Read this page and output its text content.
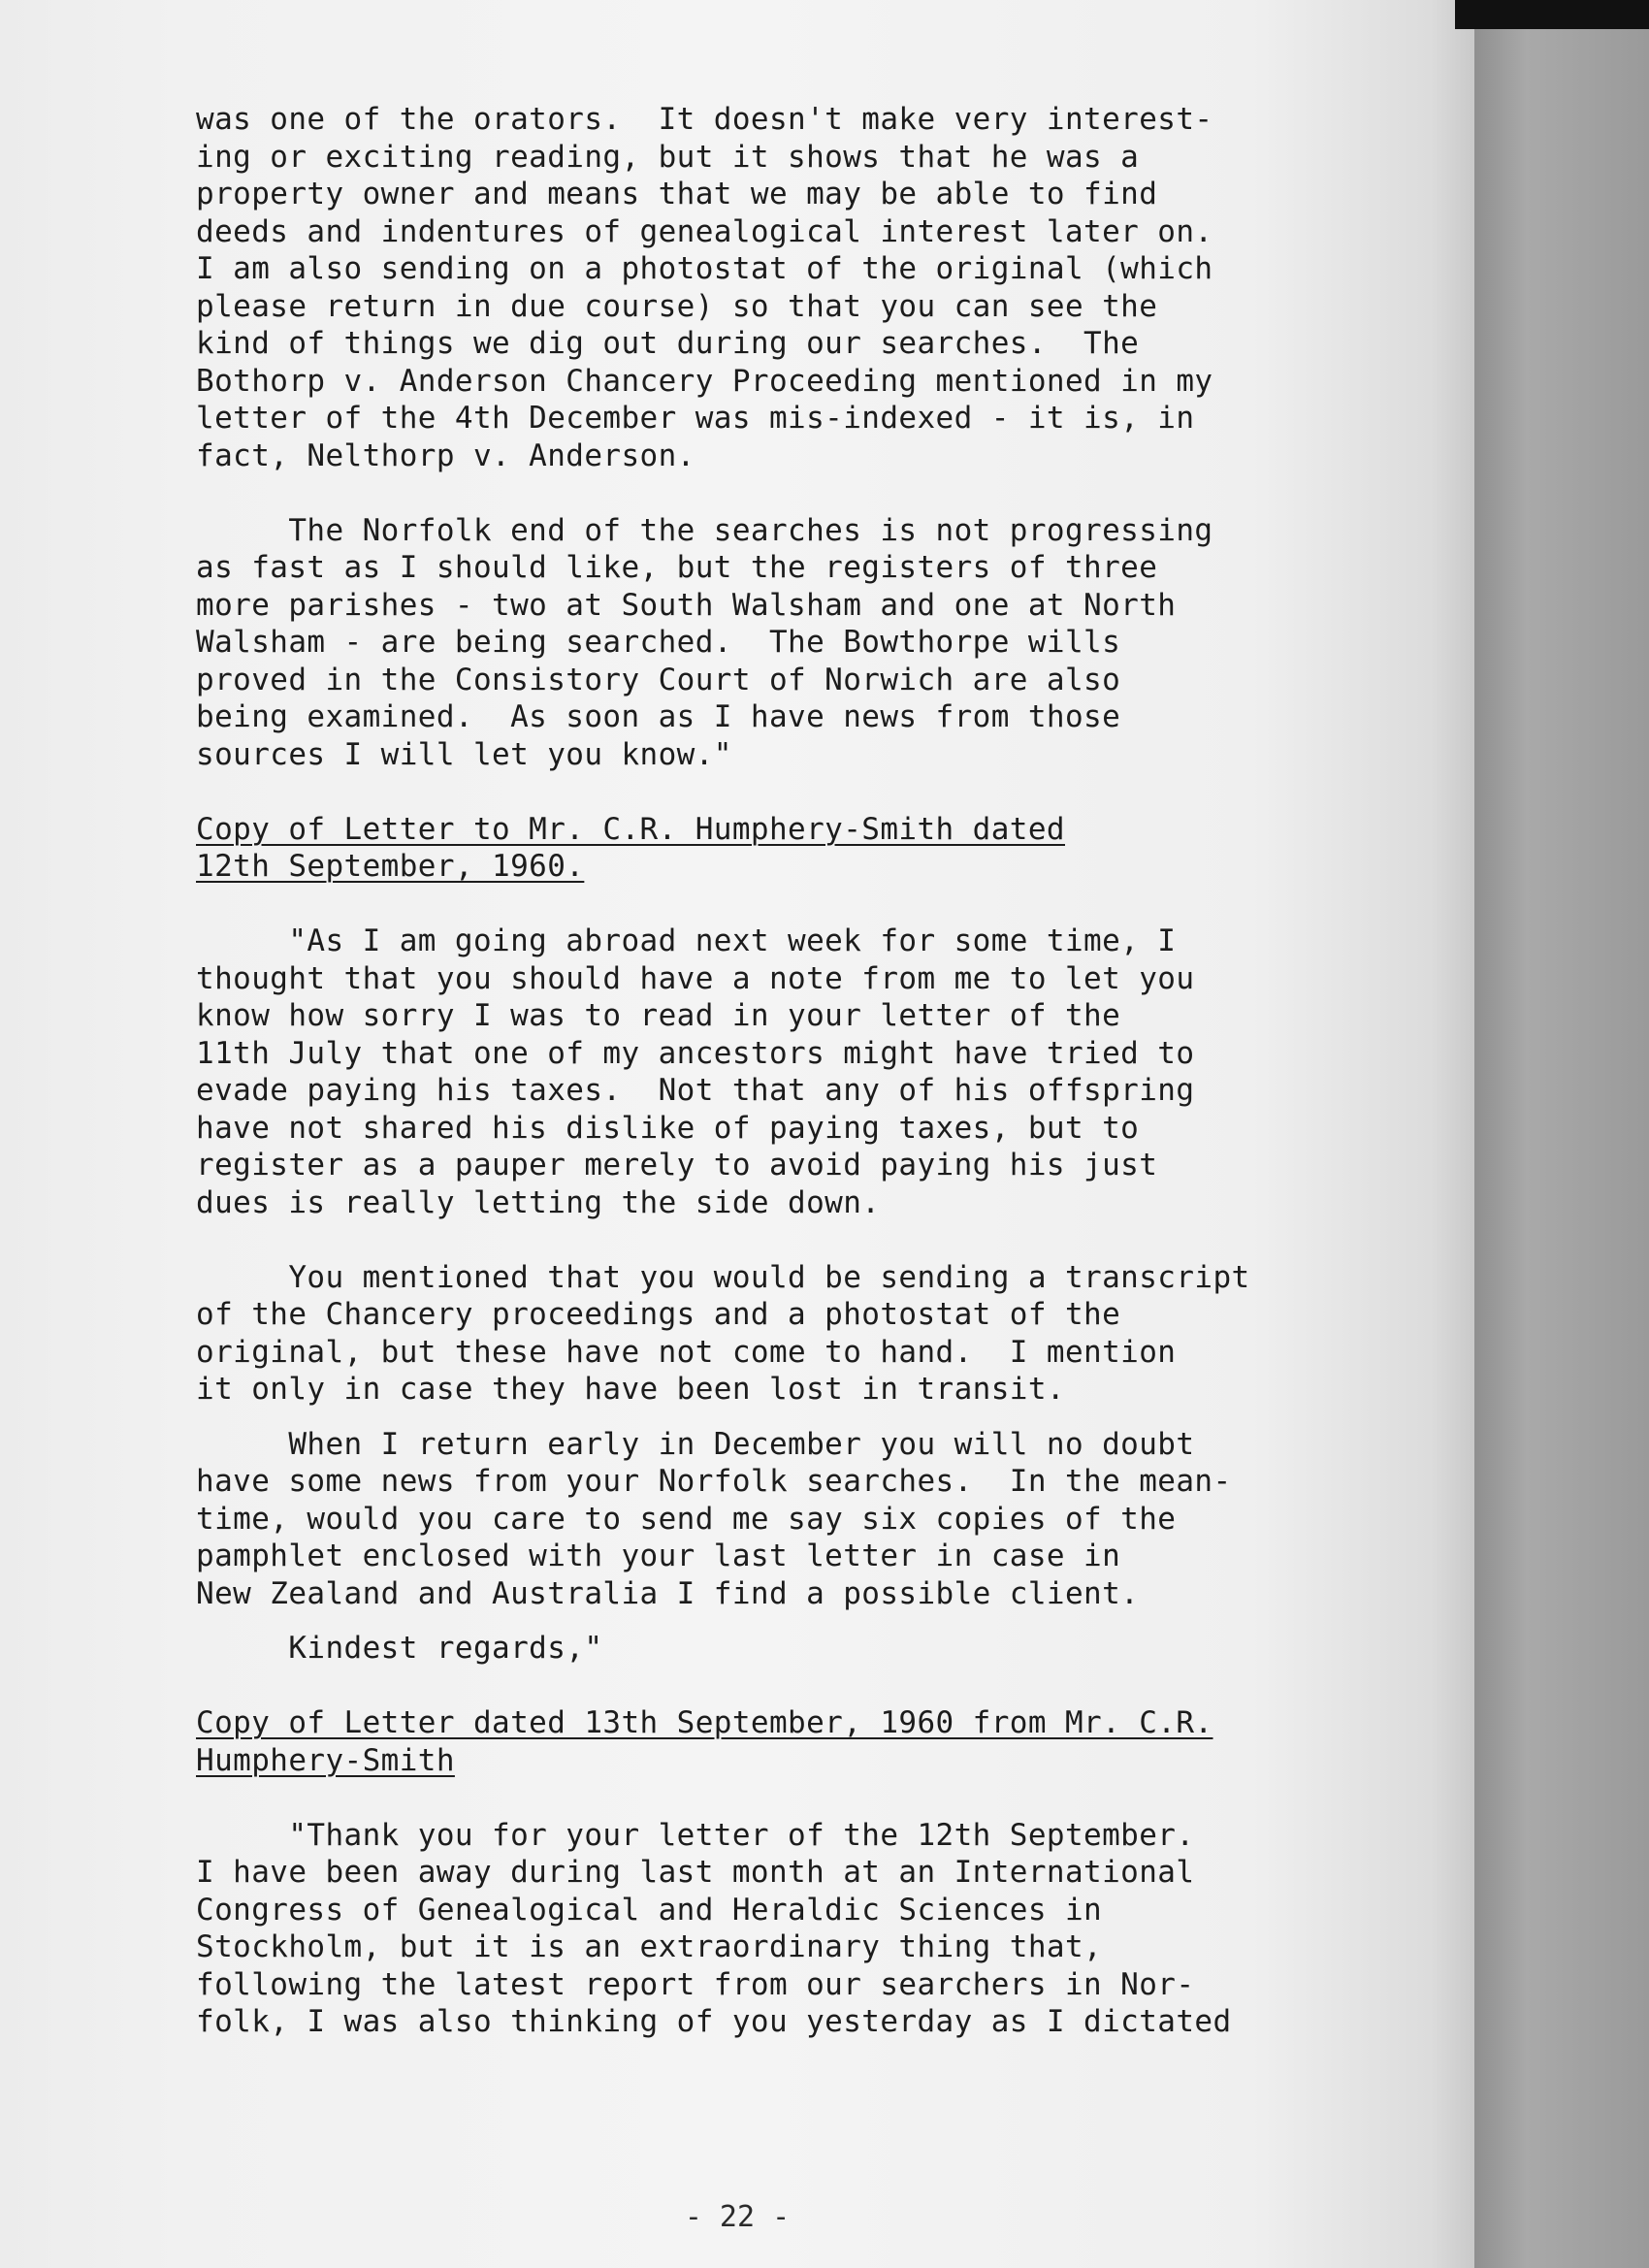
was one of the orators.  It doesn't make very interest-
ing or exciting reading, but it shows that he was a
property owner and means that we may be able to find
deeds and indentures of genealogical interest later on.
I am also sending on a photostat of the original (which
please return in due course) so that you can see the
kind of things we dig out during our searches.  The
Bothorp v. Anderson Chancery Proceeding mentioned in my
letter of the 4th December was mis-indexed - it is, in
fact, Nelthorp v. Anderson.
The Norfolk end of the searches is not progressing
as fast as I should like, but the registers of three
more parishes - two at South Walsham and one at North
Walsham - are being searched.  The Bowthorpe wills
proved in the Consistory Court of Norwich are also
being examined.  As soon as I have news from those
sources I will let you know."
Copy of Letter to Mr. C.R. Humphery-Smith dated
12th September, 1960.
"As I am going abroad next week for some time, I
thought that you should have a note from me to let you
know how sorry I was to read in your letter of the
11th July that one of my ancestors might have tried to
evade paying his taxes.  Not that any of his offspring
have not shared his dislike of paying taxes, but to
register as a pauper merely to avoid paying his just
dues is really letting the side down.
You mentioned that you would be sending a transcript
of the Chancery proceedings and a photostat of the
original, but these have not come to hand.  I mention
it only in case they have been lost in transit.
When I return early in December you will no doubt
have some news from your Norfolk searches.  In the mean-
time, would you care to send me say six copies of the
pamphlet enclosed with your last letter in case in
New Zealand and Australia I find a possible client.
Kindest regards,"
Copy of Letter dated 13th September, 1960 from Mr. C.R.
Humphery-Smith
"Thank you for your letter of the 12th September.
I have been away during last month at an International
Congress of Genealogical and Heraldic Sciences in
Stockholm, but it is an extraordinary thing that,
following the latest report from our searchers in Nor-
folk, I was also thinking of you yesterday as I dictated
- 22 -
